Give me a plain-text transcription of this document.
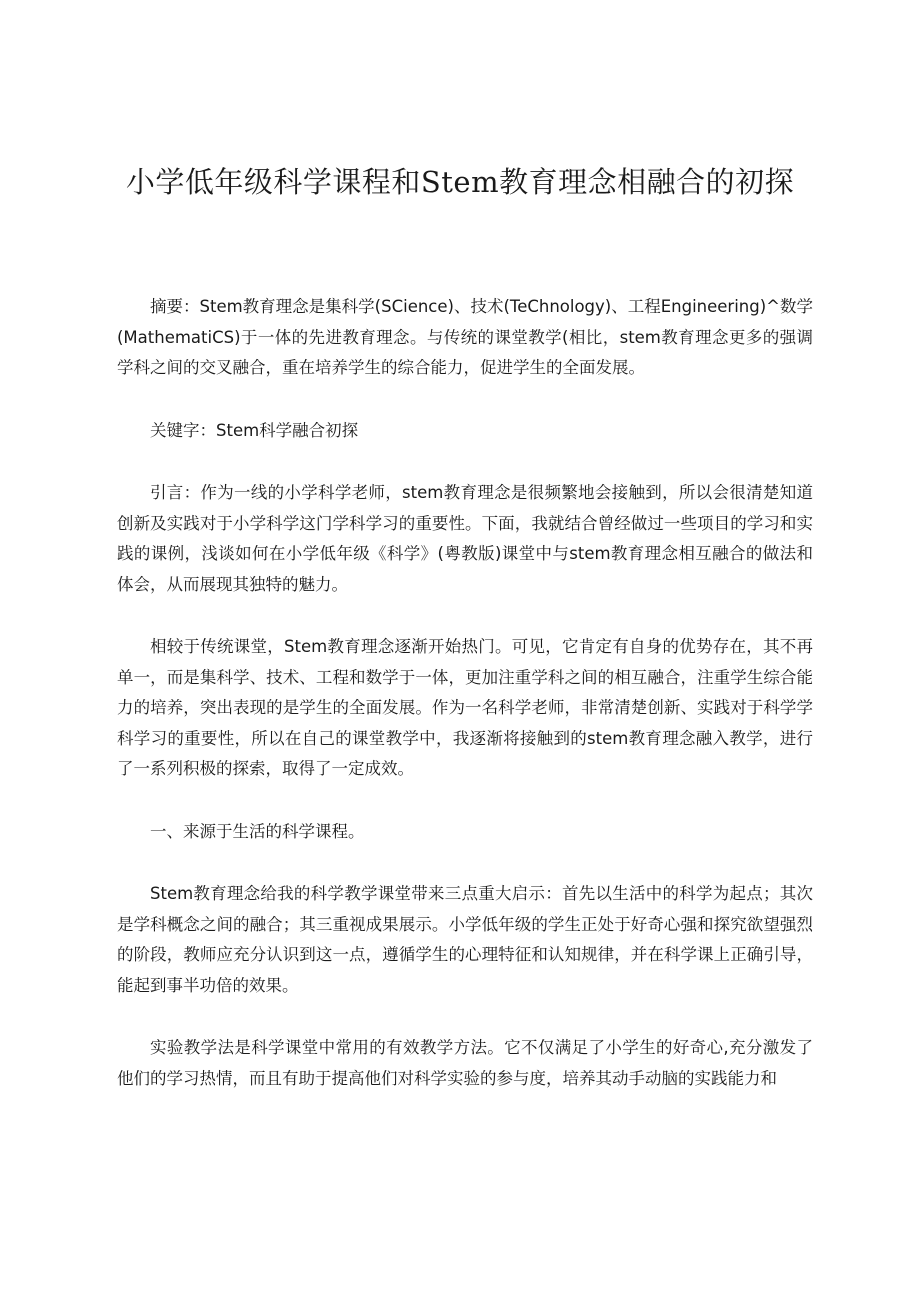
小学低年级科学课程和Stem教育理念相融合的初探

摘要：Stem教育理念是集科学(SCience)、技术(TeChnology)、工程Engineering)^数学(MathematiCS)于一体的先进教育理念。与传统的课堂教学(相比，stem教育理念更多的强调学科之间的交叉融合，重在培养学生的综合能力，促进学生的全面发展。

关键字：Stem科学融合初探

引言：作为一线的小学科学老师，stem教育理念是很频繁地会接触到，所以会很清楚知道创新及实践对于小学科学这门学科学习的重要性。下面，我就结合曾经做过一些项目的学习和实践的课例，浅谈如何在小学低年级《科学》(粤教版)课堂中与stem教育理念相互融合的做法和体会，从而展现其独特的魅力。

相较于传统课堂，Stem教育理念逐渐开始热门。可见，它肯定有自身的优势存在，其不再单一，而是集科学、技术、工程和数学于一体，更加注重学科之间的相互融合，注重学生综合能力的培养，突出表现的是学生的全面发展。作为一名科学老师，非常清楚创新、实践对于科学学科学习的重要性，所以在自己的课堂教学中，我逐渐将接触到的stem教育理念融入教学，进行了一系列积极的探索，取得了一定成效。

一、来源于生活的科学课程。

Stem教育理念给我的科学教学课堂带来三点重大启示：首先以生活中的科学为起点；其次是学科概念之间的融合；其三重视成果展示。小学低年级的学生正处于好奇心强和探究欲望强烈的阶段，教师应充分认识到这一点，遵循学生的心理特征和认知规律，并在科学课上正确引导，能起到事半功倍的效果。

实验教学法是科学课堂中常用的有效教学方法。它不仅满足了小学生的好奇心,充分激发了他们的学习热情，而且有助于提高他们对科学实验的参与度，培养其动手动脑的实践能力和
